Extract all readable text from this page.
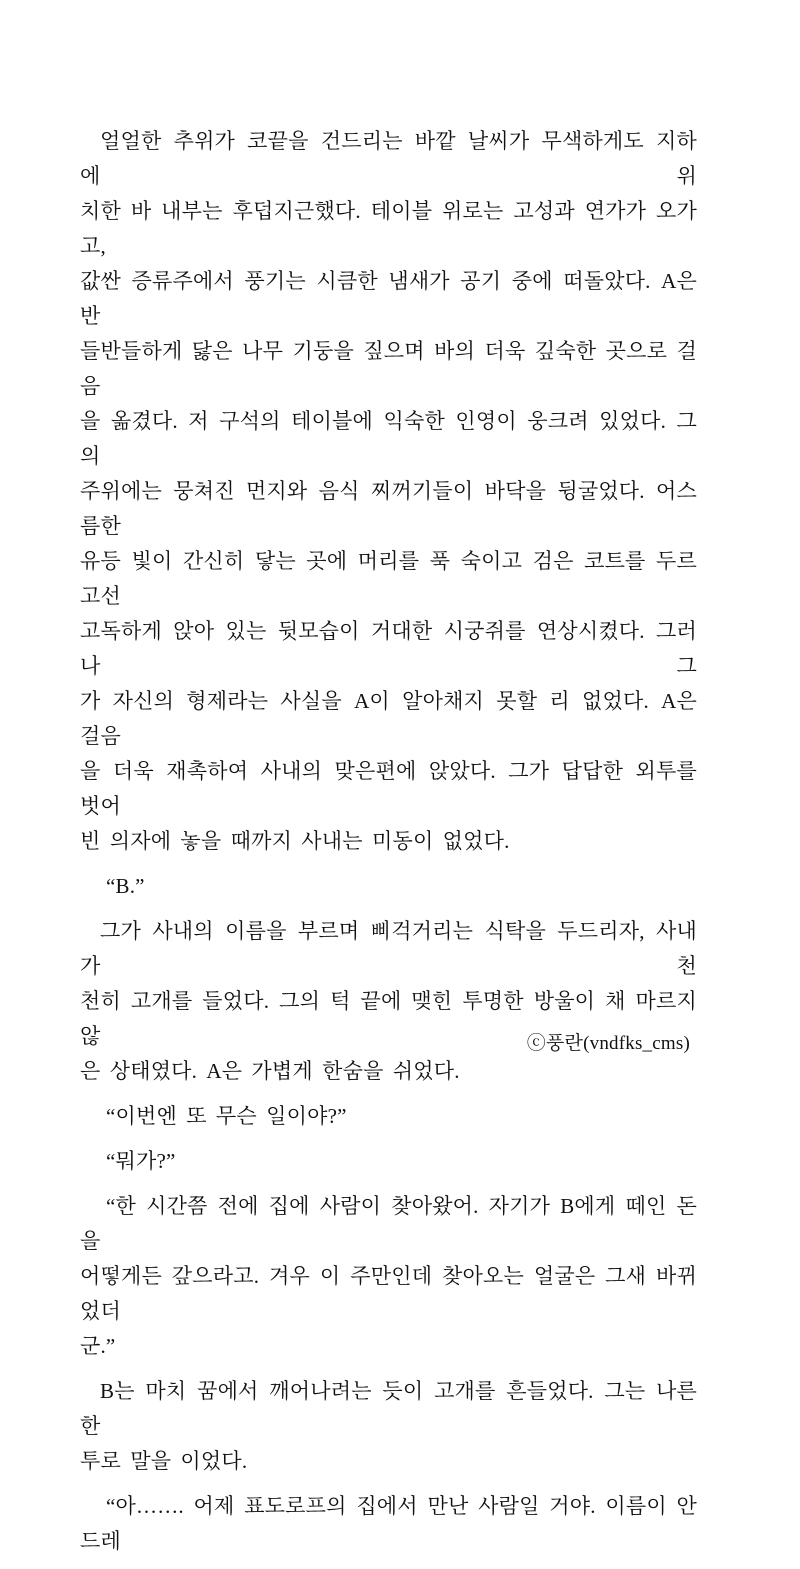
얼얼한 추위가 코끝을 건드리는 바깥 날씨가 무색하게도 지하에 위
치한 바 내부는 후덥지근했다. 테이블 위로는 고성과 연가가 오가고,
값싼 증류주에서 풍기는 시큼한 냄새가 공기 중에 떠돌았다. A은 반
들반들하게 닳은 나무 기둥을 짚으며 바의 더욱 깊숙한 곳으로 걸음
을 옮겼다. 저 구석의 테이블에 익숙한 인영이 웅크려 있었다. 그의
주위에는 뭉쳐진 먼지와 음식 찌꺼기들이 바닥을 뒹굴었다. 어스름한
유등 빛이 간신히 닿는 곳에 머리를 푹 숙이고 검은 코트를 두르고선
고독하게 앉아 있는 뒷모습이 거대한 시궁쥐를 연상시켰다. 그러나 그
가 자신의 형제라는 사실을 A이 알아채지 못할 리 없었다. A은 걸음
을 더욱 재촉하여 사내의 맞은편에 앉았다. 그가 답답한 외투를 벗어
빈 의자에 놓을 때까지 사내는 미동이 없었다.
“B.”
그가 사내의 이름을 부르며 삐걱거리는 식탁을 두드리자, 사내가 천
천히 고개를 들었다. 그의 턱 끝에 맺힌 투명한 방울이 채 마르지 않
은 상태였다. A은 가볍게 한숨을 쉬었다.
“이번엔 또 무슨 일이야?”
“뭐가?”
“한 시간쯤 전에 집에 사람이 찾아왔어. 자기가 B에게 떼인 돈을
어떻게든 갚으라고. 겨우 이 주만인데 찾아오는 얼굴은 그새 바뀌었더
군.”
B는 마치 꿈에서 깨어나려는 듯이 고개를 흔들었다. 그는 나른한
투로 말을 이었다.
“아……. 어제 표도로프의 집에서 만난 사람일 거야. 이름이 안드레
ⓒ풍란(vndfks_cms)
